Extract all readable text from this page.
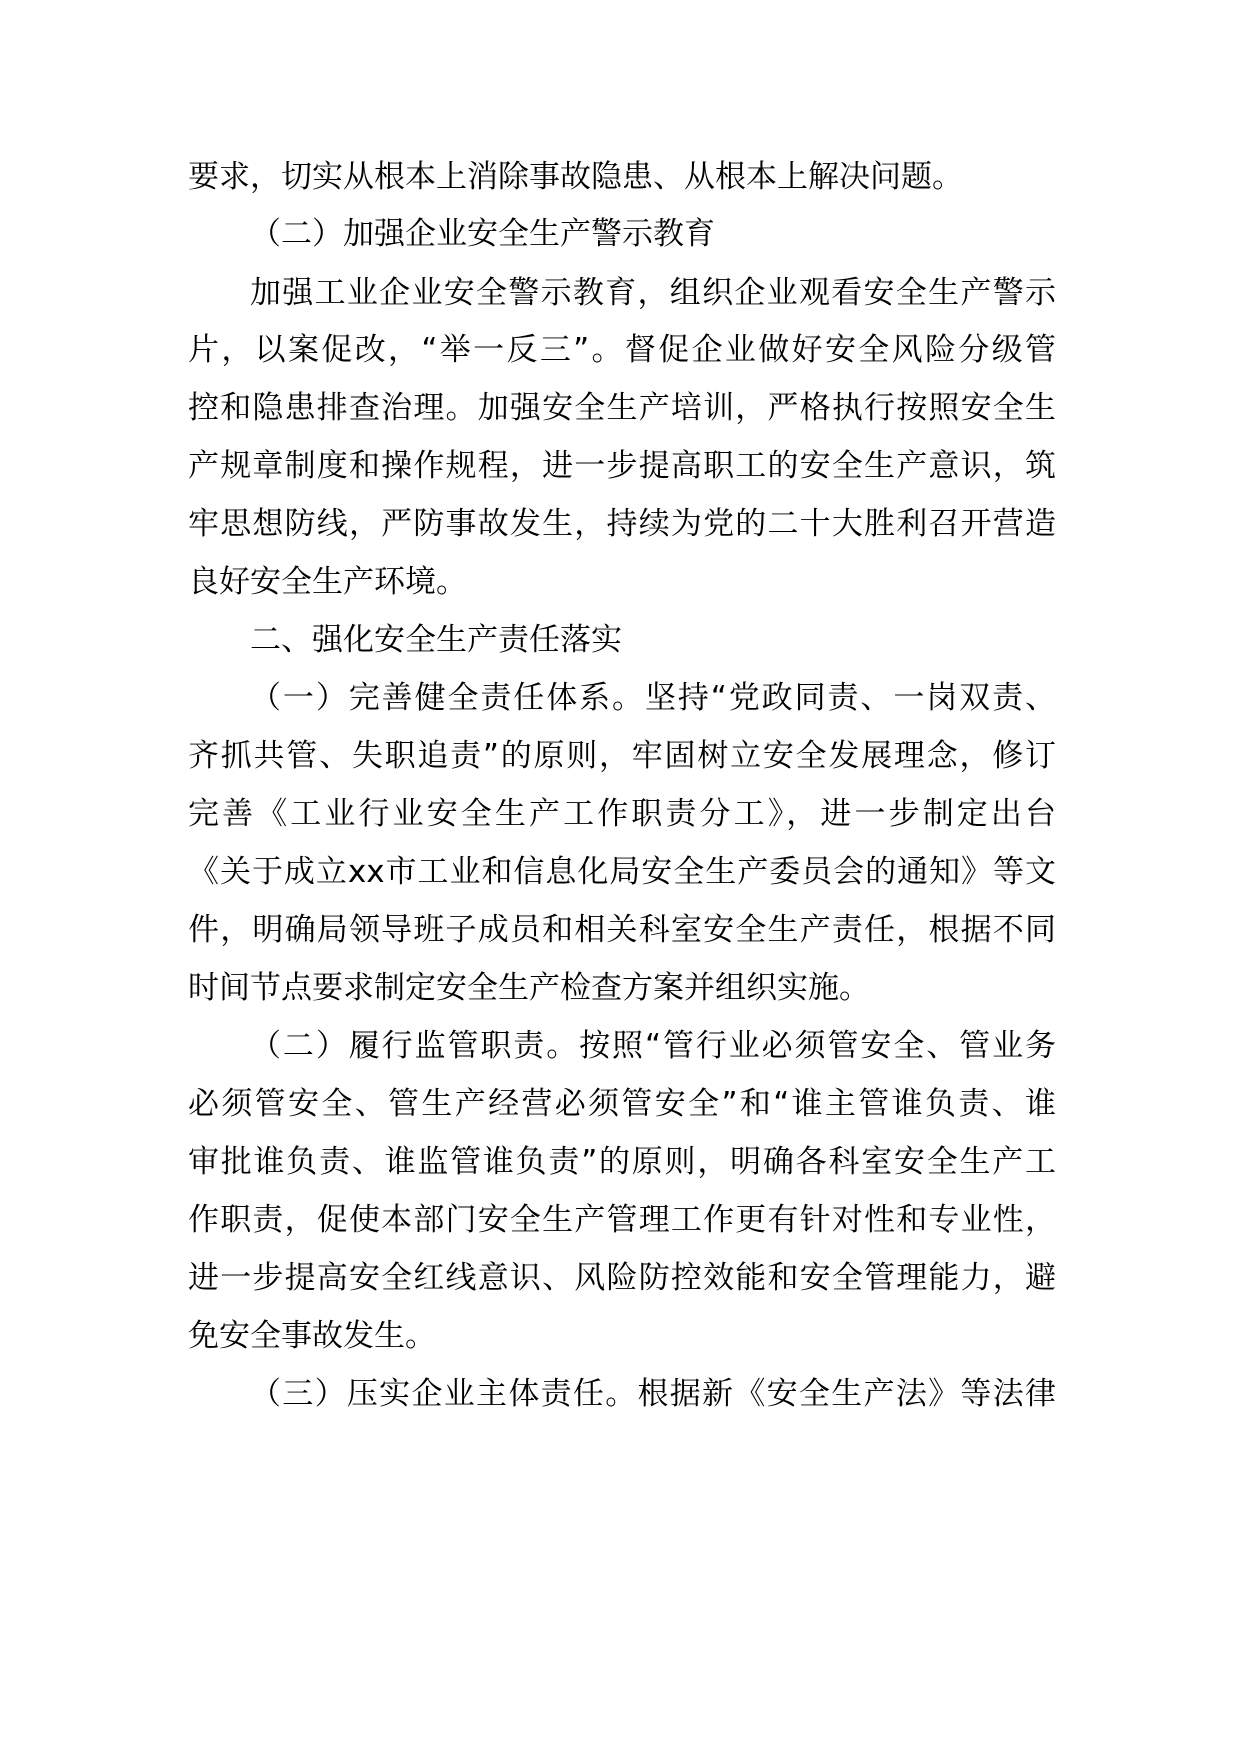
要求，切实从根本上消除事故隐患、从根本上解决问题。
（二）加强企业安全生产警示教育
加强工业企业安全警示教育，组织企业观看安全生产警示
片，以案促改，“举一反三”。督促企业做好安全风险分级管
控和隐患排查治理。加强安全生产培训，严格执行按照安全生
产规章制度和操作规程，进一步提高职工的安全生产意识，筑
牢思想防线，严防事故发生，持续为党的二十大胜利召开营造
良好安全生产环境。
二、强化安全生产责任落实
（一）完善健全责任体系。坚持“党政同责、一岗双责、
齐抓共管、失职追责”的原则，牢固树立安全发展理念，修订
完善《工业行业安全生产工作职责分工》，进一步制定出台
《关于成立xx市工业和信息化局安全生产委员会的通知》等文
件，明确局领导班子成员和相关科室安全生产责任，根据不同
时间节点要求制定安全生产检查方案并组织实施。
（二）履行监管职责。按照“管行业必须管安全、管业务
必须管安全、管生产经营必须管安全”和“谁主管谁负责、谁
审批谁负责、谁监管谁负责”的原则，明确各科室安全生产工
作职责，促使本部门安全生产管理工作更有针对性和专业性，
进一步提高安全红线意识、风险防控效能和安全管理能力，避
免安全事故发生。
（三）压实企业主体责任。根据新《安全生产法》等法律
